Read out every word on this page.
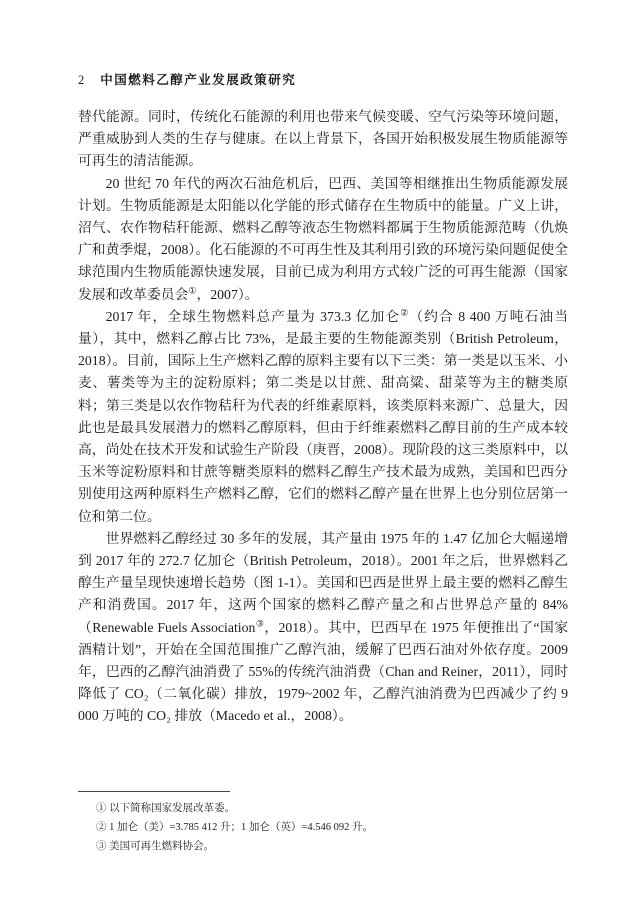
2 中国燃料乙醇产业发展政策研究

替代能源。同时，传统化石能源的利用也带来气候变暖、空气污染等环境问题，严重威胁到人类的生存与健康。在以上背景下，各国开始积极发展生物质能源等可再生的清洁能源。

20 世纪 70 年代的两次石油危机后，巴西、美国等相继推出生物质能源发展计划。生物质能源是太阳能以化学能的形式储存在生物质中的能量。广义上讲，沼气、农作物秸秆能源、燃料乙醇等液态生物燃料都属于生物质能源范畴（仇焕广和黄季焜，2008）。化石能源的不可再生性及其利用引致的环境污染问题促使全球范围内生物质能源快速发展，目前已成为利用方式较广泛的可再生能源（国家发展和改革委员会①，2007）。

2017 年，全球生物燃料总产量为 373.3 亿加仑②（约合 8 400 万吨石油当量），其中，燃料乙醇占比 73%，是最主要的生物能源类别（British Petroleum，2018）。目前，国际上生产燃料乙醇的原料主要有以下三类：第一类是以玉米、小麦、薯类等为主的淀粉原料；第二类是以甘蔗、甜高粱、甜菜等为主的糖类原料；第三类是以农作物秸秆为代表的纤维素原料，该类原料来源广、总量大，因此也是最具发展潜力的燃料乙醇原料，但由于纤维素燃料乙醇目前的生产成本较高，尚处在技术开发和试验生产阶段（庚晋，2008）。现阶段的这三类原料中，以玉米等淀粉原料和甘蔗等糖类原料的燃料乙醇生产技术最为成熟，美国和巴西分别使用这两种原料生产燃料乙醇，它们的燃料乙醇产量在世界上也分别位居第一位和第二位。

世界燃料乙醇经过 30 多年的发展，其产量由 1975 年的 1.47 亿加仑大幅递增到 2017 年的 272.7 亿加仑（British Petroleum，2018）。2001 年之后，世界燃料乙醇生产量呈现快速增长趋势（图 1-1）。美国和巴西是世界上最主要的燃料乙醇生产和消费国。2017 年，这两个国家的燃料乙醇产量之和占世界总产量的 84%（Renewable Fuels Association③，2018）。其中，巴西早在 1975 年便推出了“国家酒精计划”，开始在全国范围推广乙醇汽油，缓解了巴西石油对外依存度。2009 年，巴西的乙醇汽油消费了 55%的传统汽油消费（Chan and Reiner，2011），同时降低了 CO₂（二氧化碳）排放，1979~2002 年，乙醇汽油消费为巴西减少了约 9 000 万吨的 CO₂ 排放（Macedo et al.，2008）。

① 以下简称国家发展改革委。

② 1 加仑（美）=3.785 412 升；1 加仑（英）=4.546 092 升。

③ 美国可再生燃料协会。
